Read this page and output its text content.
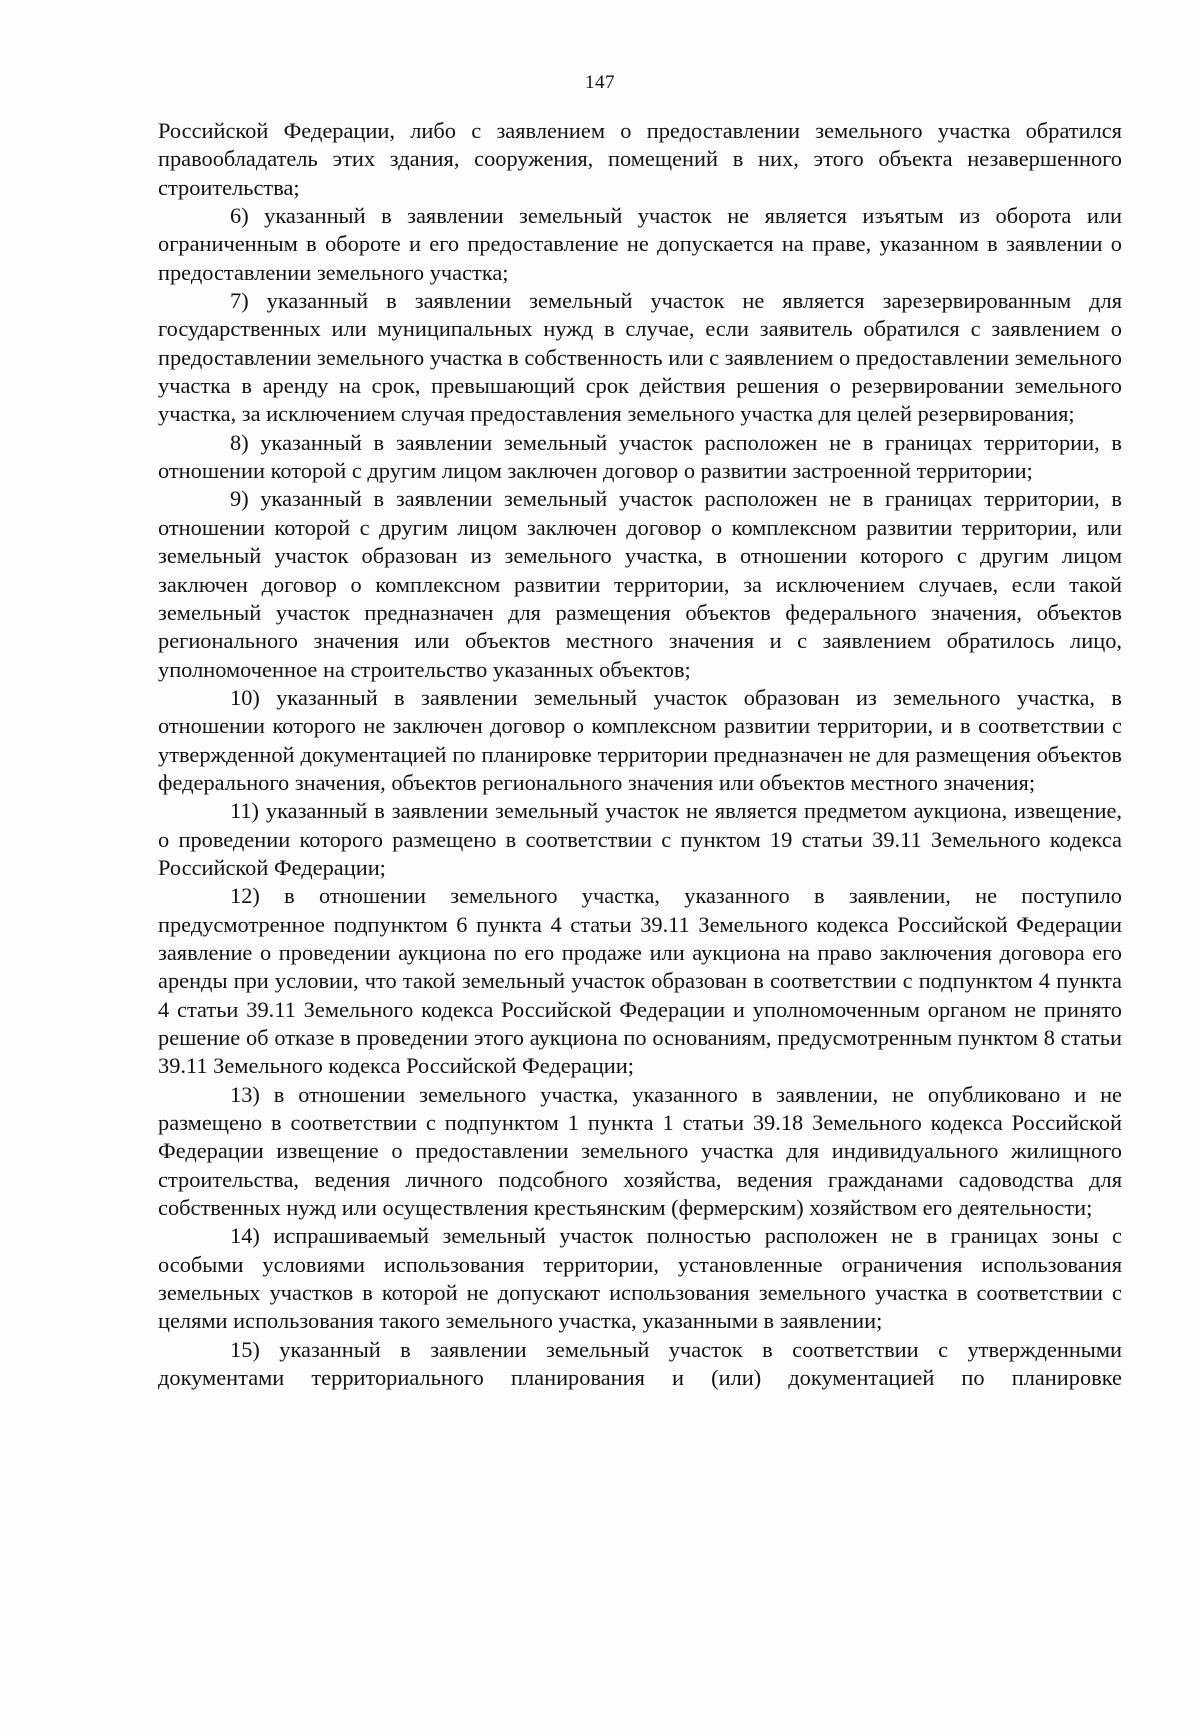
147

Российской Федерации, либо с заявлением о предоставлении земельного участка обратился правообладатель этих здания, сооружения, помещений в них, этого объекта незавершенного строительства;

6) указанный в заявлении земельный участок не является изъятым из оборота или ограниченным в обороте и его предоставление не допускается на праве, указанном в заявлении о предоставлении земельного участка;

7) указанный в заявлении земельный участок не является зарезервированным для государственных или муниципальных нужд в случае, если заявитель обратился с заявлением о предоставлении земельного участка в собственность или с заявлением о предоставлении земельного участка в аренду на срок, превышающий срок действия решения о резервировании земельного участка, за исключением случая предоставления земельного участка для целей резервирования;

8) указанный в заявлении земельный участок расположен не в границах территории, в отношении которой с другим лицом заключен договор о развитии застроенной территории;

9) указанный в заявлении земельный участок расположен не в границах территории, в отношении которой с другим лицом заключен договор о комплексном развитии территории, или земельный участок образован из земельного участка, в отношении которого с другим лицом заключен договор о комплексном развитии территории, за исключением случаев, если такой земельный участок предназначен для размещения объектов федерального значения, объектов регионального значения или объектов местного значения и с заявлением обратилось лицо, уполномоченное на строительство указанных объектов;

10) указанный в заявлении земельный участок образован из земельного участка, в отношении которого не заключен договор о комплексном развитии территории, и в соответствии с утвержденной документацией по планировке территории предназначен не для размещения объектов федерального значения, объектов регионального значения или объектов местного значения;

11) указанный в заявлении земельный участок не является предметом аукциона, извещение, о проведении которого размещено в соответствии с пунктом 19 статьи 39.11 Земельного кодекса Российской Федерации;

12) в отношении земельного участка, указанного в заявлении, не поступило предусмотренное подпунктом 6 пункта 4 статьи 39.11 Земельного кодекса Российской Федерации заявление о проведении аукциона по его продаже или аукциона на право заключения договора его аренды при условии, что такой земельный участок образован в соответствии с подпунктом 4 пункта 4 статьи 39.11 Земельного кодекса Российской Федерации и уполномоченным органом не принято решение об отказе в проведении этого аукциона по основаниям, предусмотренным пунктом 8 статьи 39.11 Земельного кодекса Российской Федерации;

13) в отношении земельного участка, указанного в заявлении, не опубликовано и не размещено в соответствии с подпунктом 1 пункта 1 статьи 39.18 Земельного кодекса Российской Федерации извещение о предоставлении земельного участка для индивидуального жилищного строительства, ведения личного подсобного хозяйства, ведения гражданами садоводства для собственных нужд или осуществления крестьянским (фермерским) хозяйством его деятельности;

14) испрашиваемый земельный участок полностью расположен не в границах зоны с особыми условиями использования территории, установленные ограничения использования земельных участков в которой не допускают использования земельного участка в соответствии с целями использования такого земельного участка, указанными в заявлении;

15) указанный в заявлении земельный участок в соответствии с утвержденными документами территориального планирования и (или) документацией по планировке
